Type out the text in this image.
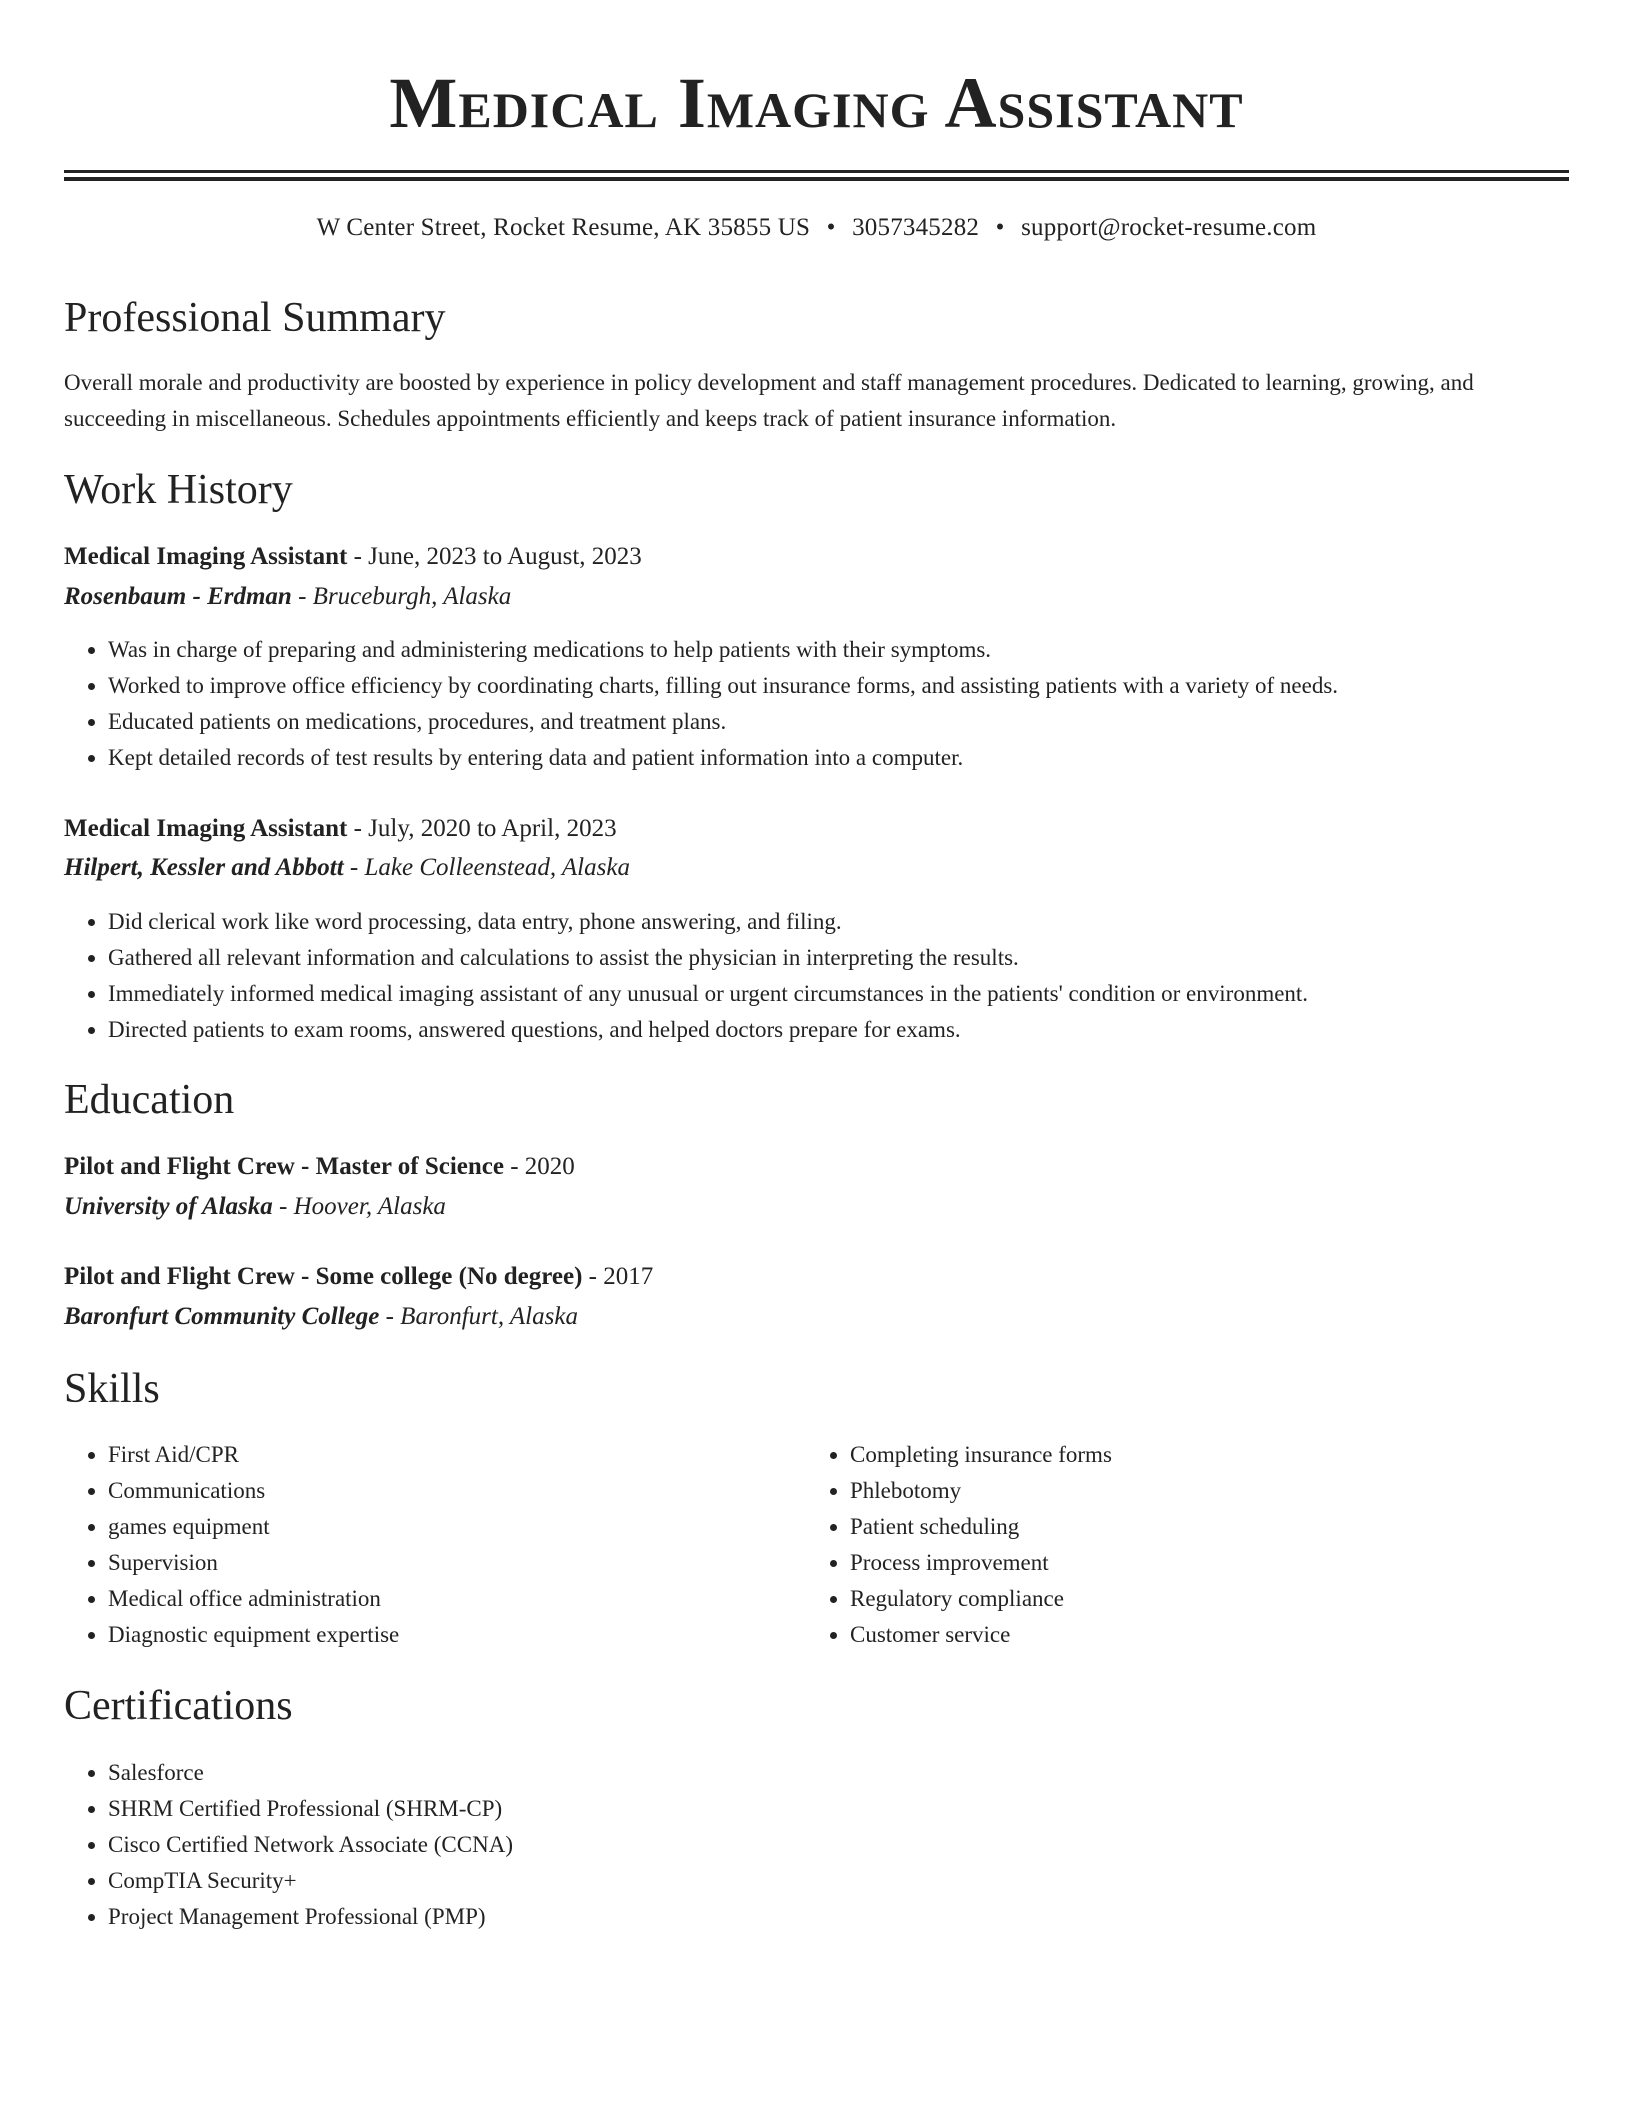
Medical Imaging Assistant
W Center Street, Rocket Resume, AK 35855 US • 3057345282 • support@rocket-resume.com
Professional Summary

Overall morale and productivity are boosted by experience in policy development and staff management procedures. Dedicated to learning, growing, and succeeding in miscellaneous. Schedules appointments efficiently and keeps track of patient insurance information.

Work History

Medical Imaging Assistant - June, 2023 to August, 2023

Rosenbaum - Erdman - Bruceburgh, Alaska

• Was in charge of preparing and administering medications to help patients with their symptoms.
• Worked to improve office efficiency by coordinating charts, filling out insurance forms, and assisting patients with a variety of needs.
• Educated patients on medications, procedures, and treatment plans.
• Kept detailed records of test results by entering data and patient information into a computer.

Medical Imaging Assistant - July, 2020 to April, 2023

Hilpert, Kessler and Abbott - Lake Colleenstead, Alaska

• Did clerical work like word processing, data entry, phone answering, and filing.
• Gathered all relevant information and calculations to assist the physician in interpreting the results.
• Immediately informed medical imaging assistant of any unusual or urgent circumstances in the patients' condition or environment.
• Directed patients to exam rooms, answered questions, and helped doctors prepare for exams.
Education

Pilot and Flight Crew - Master of Science - 2020

University of Alaska - Hoover, Alaska

Pilot and Flight Crew - Some college (No degree) - 2017

Baronfurt Community College - Baronfurt, Alaska

Skills
• First Aid/CPR
• Communications
• games equipment
• Supervision
• Medical office administration
• Diagnostic equipment expertise
• Completing insurance forms
• Phlebotomy
• Patient scheduling
• Process improvement
• Regulatory compliance
• Customer service
Certifications
• Salesforce
• SHRM Certified Professional (SHRM-CP)
• Cisco Certified Network Associate (CCNA)
• CompTIA Security+
• Project Management Professional (PMP)
